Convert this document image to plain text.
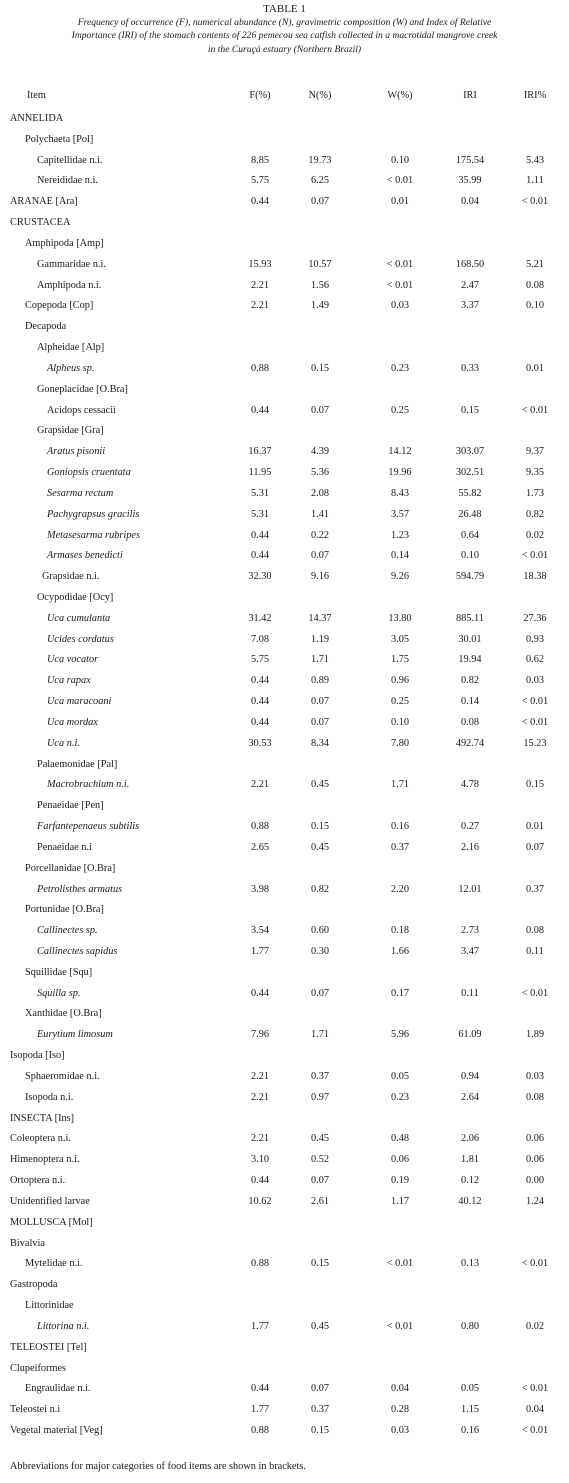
TABLE 1
Frequency of occurrence (F), numerical abundance (N), gravimetric composition (W) and Index of Relative
Importance (IRI) of the stomach contents of 226 pemecou sea catfish collected in a macrotidal mangrove creek
in the Curuçá estuary (Northern Brazil)
Item	F(%)	N(%)	W(%)	IRI	IRI%
ANNELIDA
Polychaeta [Pol]
Capitellidae n.i.	8.85	19.73	0.10	175.54	5.43
Nereididae n.i.	5.75	6.25	< 0.01	35.99	1.11
ARANAE [Ara]	0.44	0.07	0.01	0.04	< 0.01
CRUSTACEA
Amphipoda [Amp]
Gammaridae n.i.	15.93	10.57	< 0.01	168.50	5.21
Amphipoda n.i.	2.21	1.56	< 0.01	2.47	0.08
Copepoda [Cop]	2.21	1.49	0.03	3.37	0.10
Decapoda
Alpheidae [Alp]
Alpheus sp.	0.88	0.15	0.23	0.33	0.01
Goneplacidae [O.Bra]
Acidops cessacii	0.44	0.07	0.25	0.15	< 0.01
Grapsidae [Gra]
Aratus pisonii	16.37	4.39	14.12	303.07	9.37
Goniopsis cruentata	11.95	5.36	19.96	302.51	9.35
Sesarma rectum	5.31	2.08	8.43	55.82	1.73
Pachygrapsus gracilis	5.31	1.41	3.57	26.48	0.82
Metasesarma rubripes	0.44	0.22	1.23	0.64	0.02
Armases benedicti	0.44	0.07	0.14	0.10	< 0.01
Grapsidae n.i.	32.30	9.16	9.26	594.79	18.38
Ocypodidae [Ocy]
Uca cumulanta	31.42	14.37	13.80	885.11	27.36
Ucides cordatus	7.08	1.19	3.05	30.01	0.93
Uca vocator	5.75	1.71	1.75	19.94	0.62
Uca rapax	0.44	0.89	0.96	0.82	0.03
Uca maracoani	0.44	0.07	0.25	0.14	< 0.01
Uca mordax	0.44	0.07	0.10	0.08	< 0.01
Uca n.i.	30.53	8.34	7.80	492.74	15.23
Palaemonidae [Pal]
Macrobrachium n.i.	2.21	0.45	1.71	4.78	0.15
Penaeidae [Pen]
Farfantepenaeus subtilis	0.88	0.15	0.16	0.27	0.01
Penaeidae n.i	2.65	0.45	0.37	2.16	0.07
Porcellanidae [O.Bra]
Petrolisthes armatus	3.98	0.82	2.20	12.01	0.37
Portunidae [O.Bra]
Callinectes sp.	3.54	0.60	0.18	2.73	0.08
Callinectes sapidus	1.77	0.30	1.66	3.47	0.11
Squillidae [Squ]
Squilla sp.	0.44	0.07	0.17	0.11	< 0.01
Xanthidae [O.Bra]
Eurytium limosum	7.96	1.71	5.96	61.09	1.89
Isopoda [Iso]
Sphaeromidae n.i.	2.21	0.37	0.05	0.94	0.03
Isopoda n.i.	2.21	0.97	0.23	2.64	0.08
INSECTA [Ins]
Coleoptera n.i.	2.21	0.45	0.48	2.06	0.06
Himenoptera n.i.	3.10	0.52	0.06	1.81	0.06
Ortoptera n.i.	0.44	0.07	0.19	0.12	0.00
Unidentified larvae	10.62	2.61	1.17	40.12	1.24
MOLLUSCA [Mol]
Bivalvia
Mytelidae n.i.	0.88	0.15	< 0.01	0.13	< 0.01
Gastropoda
Littorinidae
Littorina n.i.	1.77	0.45	< 0.01	0.80	0.02
TELEOSTEI [Tel]
Clupeiformes
Engraulidae n.i.	0.44	0.07	0.04	0.05	< 0.01
Teleostei n.i	1.77	0.37	0.28	1.15	0.04
Vegetal material [Veg]	0.88	0.15	0.03	0.16	< 0.01
Abbreviations for major categories of food items are shown in brackets.
